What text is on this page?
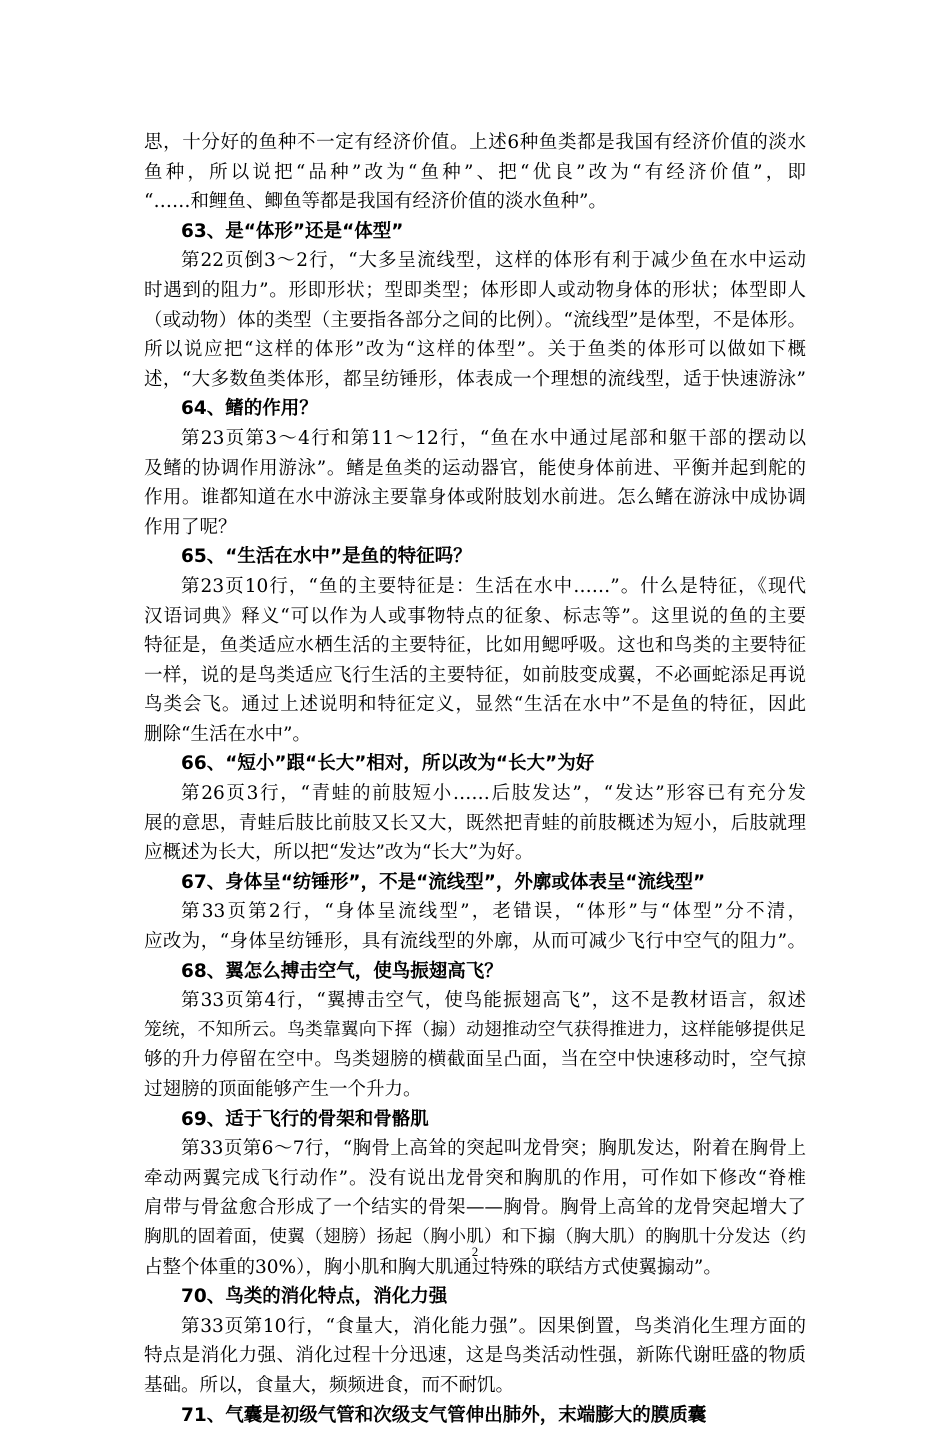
思，十分好的鱼种不一定有经济价值。上述6种鱼类都是我国有经济价值的淡水
鱼种，所以说把“品种”改为“鱼种”、把“优良”改为“有经济价值”，即
“……和鲤鱼、鲫鱼等都是我国有经济价值的淡水鱼种”。
63、是“体形”还是“体型”
第22页倒3～2行，“大多呈流线型，这样的体形有利于减少鱼在水中运动
时遇到的阻力”。形即形状；型即类型；体形即人或动物身体的形状；体型即人
（或动物）体的类型（主要指各部分之间的比例）。“流线型”是体型，不是体形。
所以说应把“这样的体形”改为“这样的体型”。关于鱼类的体形可以做如下概
述，“大多数鱼类体形，都呈纺锤形，体表成一个理想的流线型，适于快速游泳”
64、鳍的作用？
第23页第3～4行和第11～12行，“鱼在水中通过尾部和躯干部的摆动以
及鳍的协调作用游泳”。鳍是鱼类的运动器官，能使身体前进、平衡并起到舵的
作用。谁都知道在水中游泳主要靠身体或附肢划水前进。怎么鳍在游泳中成协调
作用了呢？
65、“生活在水中”是鱼的特征吗？
第23页10行，“鱼的主要特征是：生活在水中……”。什么是特征，《现代
汉语词典》释义“可以作为人或事物特点的征象、标志等”。这里说的鱼的主要
特征是，鱼类适应水栖生活的主要特征，比如用鳃呼吸。这也和鸟类的主要特征
一样，说的是鸟类适应飞行生活的主要特征，如前肢变成翼，不必画蛇添足再说
鸟类会飞。通过上述说明和特征定义，显然“生活在水中”不是鱼的特征，因此
删除“生活在水中”。
66、“短小”跟“长大”相对，所以改为“长大”为好
第26页3行，“青蛙的前肢短小……后肢发达”，“发达”形容已有充分发
展的意思，青蛙后肢比前肢又长又大，既然把青蛙的前肢概述为短小，后肢就理
应概述为长大，所以把“发达”改为“长大”为好。
67、身体呈“纺锤形”，不是“流线型”，外廓或体表呈“流线型”
第33页第2行，“身体呈流线型”，老错误，“体形”与“体型”分不清，
应改为，“身体呈纺锤形，具有流线型的外廓，从而可减少飞行中空气的阻力”。
68、翼怎么搏击空气，使鸟振翅高飞？
第33页第4行，“翼搏击空气，使鸟能振翅高飞”，这不是教材语言，叙述
笼统，不知所云。鸟类靠翼向下挥（搧）动翅推动空气获得推进力，这样能够提供足
够的升力停留在空中。鸟类翅膀的横截面呈凸面，当在空中快速移动时，空气掠
过翅膀的顶面能够产生一个升力。
69、适于飞行的骨架和骨骼肌
第33页第6～7行，“胸骨上高耸的突起叫龙骨突；胸肌发达，附着在胸骨上
牵动两翼完成飞行动作”。没有说出龙骨突和胸肌的作用，可作如下修改“脊椎
肩带与骨盆愈合形成了一个结实的骨架——胸骨。胸骨上高耸的龙骨突起增大了
胸肌的固着面，使翼（翅膀）扬起（胸小肌）和下搧（胸大肌）的胸肌十分发达（约
占整个体重的30%），胸小肌和胸大肌通过特殊的联结方式使翼搧动”。
70、鸟类的消化特点，消化力强
第33页第10行，“食量大，消化能力强”。因果倒置，鸟类消化生理方面的
特点是消化力强、消化过程十分迅速，这是鸟类活动性强，新陈代谢旺盛的物质
基础。所以，食量大，频频进食，而不耐饥。
71、气囊是初级气管和次级支气管伸出肺外，末端膨大的膜质囊
2
